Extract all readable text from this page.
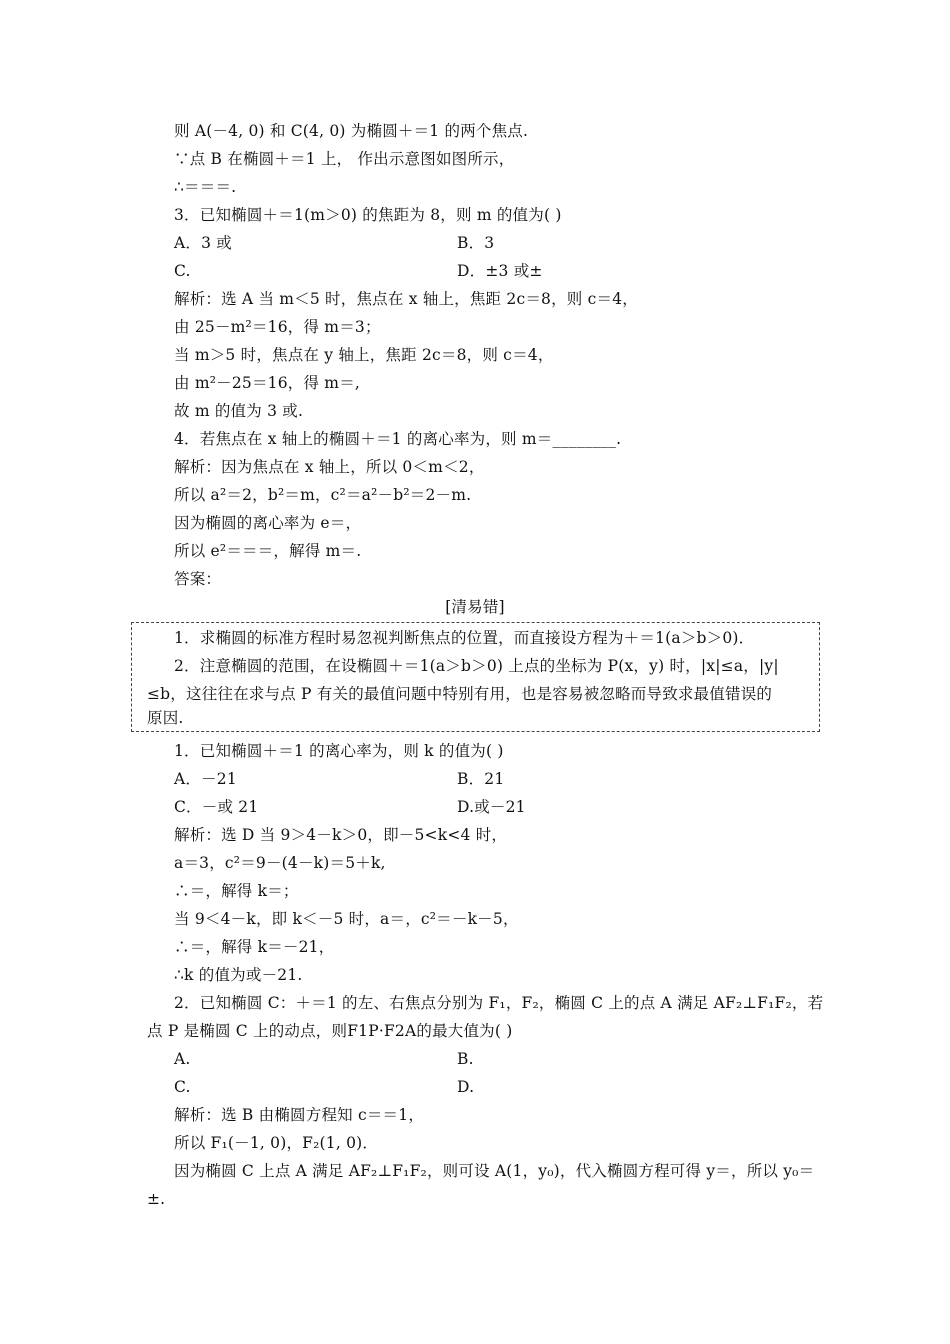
则 A(－4, 0) 和 C(4, 0) 为椭圆＋＝1 的两个焦点.
∵点 B 在椭圆＋＝1 上， 作出示意图如图所示，
∴＝＝＝.
3．已知椭圆＋＝1(m＞0) 的焦距为 8，则 m 的值为( )
A．3 或	B．3
C.	D．±3 或±
解析：选 A 当 m＜5 时，焦点在 x 轴上，焦距 2c＝8，则 c＝4，
由 25－m²＝16，得 m＝3；
当 m＞5 时，焦点在 y 轴上，焦距 2c＝8，则 c＝4，
由 m²－25＝16，得 m＝,
故 m 的值为 3 或.
4．若焦点在 x 轴上的椭圆＋＝1 的离心率为，则 m＝________.
解析：因为焦点在 x 轴上，所以 0＜m＜2，
所以 a²＝2，b²＝m，c²＝a²－b²＝2－m.
因为椭圆的离心率为 e＝，
所以 e²＝＝＝，解得 m＝.
答案：
[清易错]
1．求椭圆的标准方程时易忽视判断焦点的位置，而直接设方程为＋＝1(a＞b＞0)．
2．注意椭圆的范围，在设椭圆＋＝1(a＞b＞0) 上点的坐标为 P(x，y) 时，|x|≤a，|y|
≤b，这往往在求与点 P 有关的最值问题中特别有用，也是容易被忽略而导致求最值错误的
原因.
1．已知椭圆＋＝1 的离心率为，则 k 的值为( )
A．－21	B．21
C．－或 21	D.或－21
解析：选 D 当 9＞4－k＞0，即－5<k<4 时，
a＝3，c²＝9－(4－k)＝5＋k,
∴＝，解得 k＝；
当 9＜4－k，即 k＜－5 时，a＝，c²＝－k－5，
∴＝，解得 k＝－21，
∴k 的值为或－21.
2．已知椭圆 C：＋＝1 的左、右焦点分别为 F₁，F₂，椭圆 C 上的点 A 满足 AF₂⊥F₁F₂，若
点 P 是椭圆 C 上的动点，则F1P·F2A的最大值为( )
A.	B.
C.	D.
解析：选 B 由椭圆方程知 c＝＝1，
所以 F₁(－1, 0)，F₂(1, 0)．
因为椭圆 C 上点 A 满足 AF₂⊥F₁F₂，则可设 A(1，y₀)，代入椭圆方程可得 y＝，所以 y₀＝
±.
